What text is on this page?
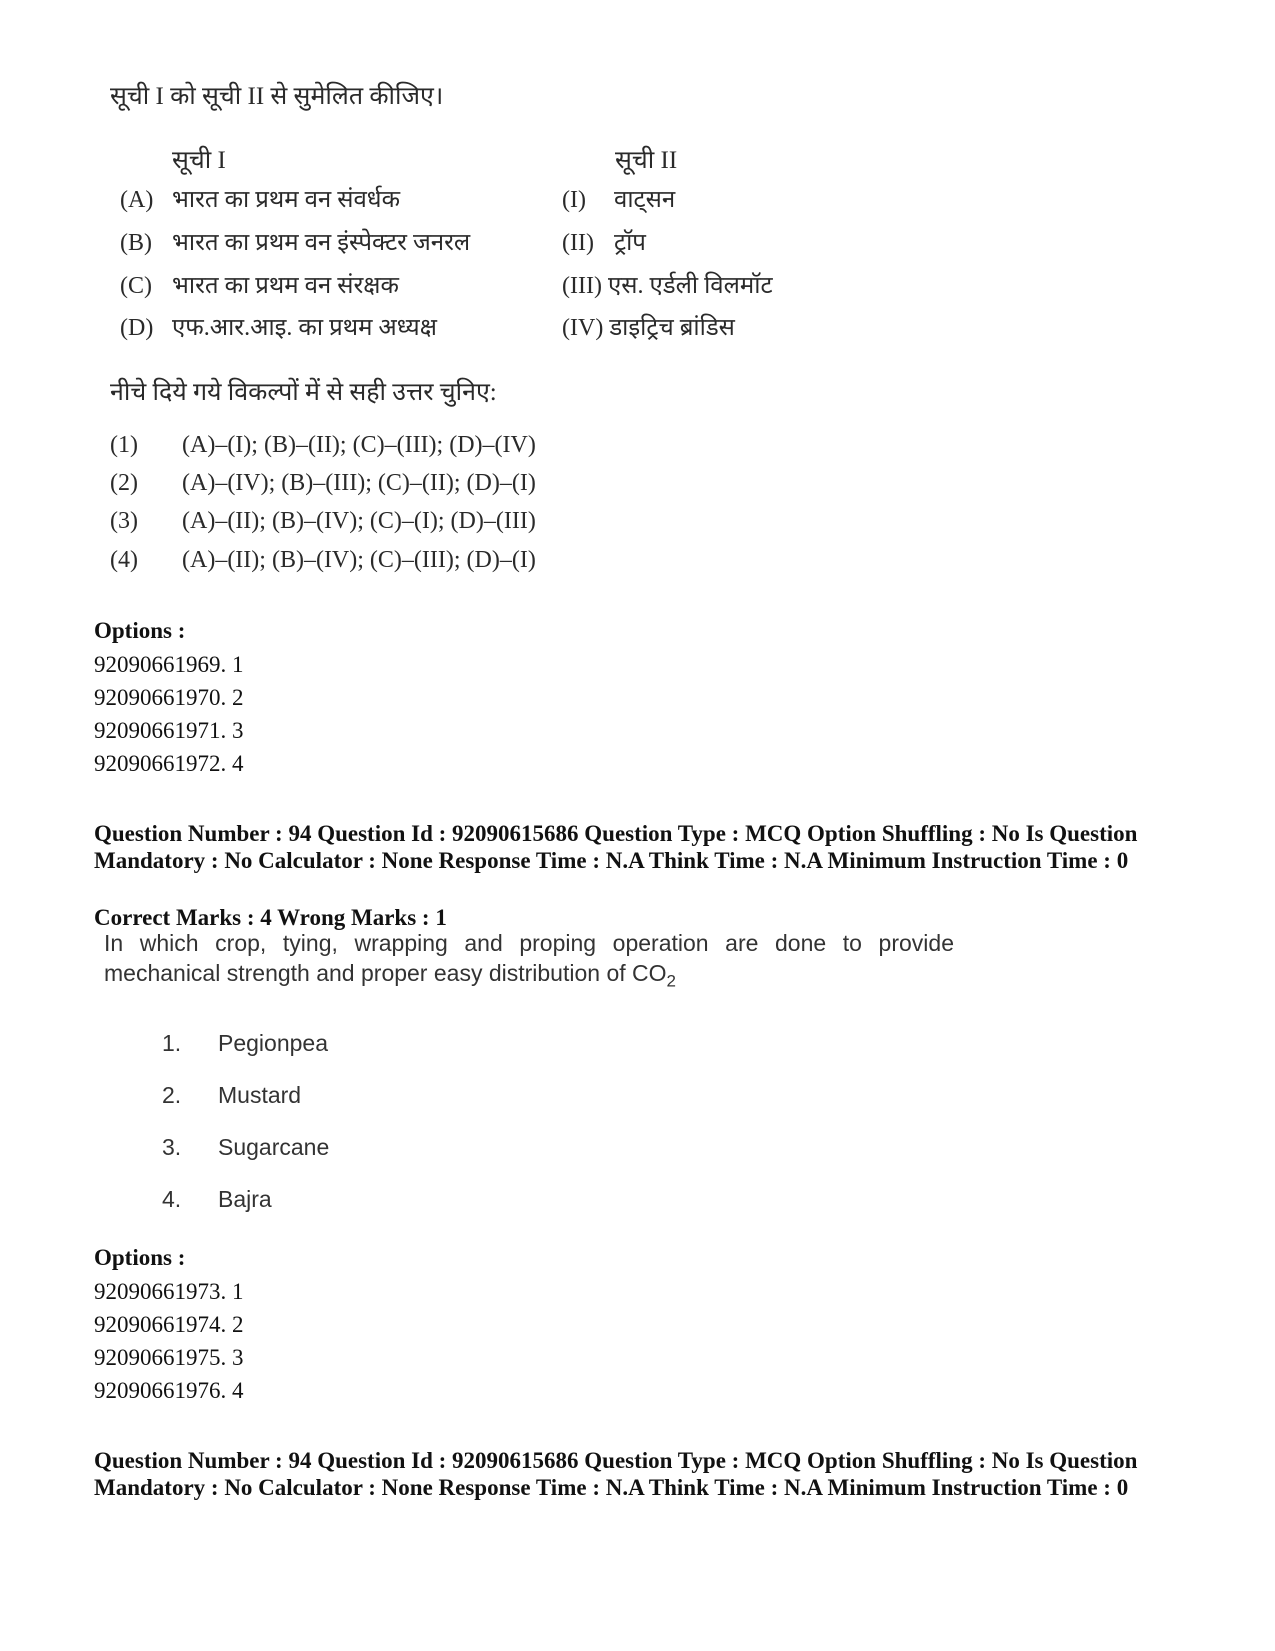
सूची I को सूची II से सुमेलित कीजिए।
सूची I	सूची II
(A) भारत का प्रथम वन संवर्धक
(B) भारत का प्रथम वन इंस्पेक्टर जनरल
(C) भारत का प्रथम वन संरक्षक
(D) एफ.आर.आइ. का प्रथम अध्यक्ष
(I) वाट्सन
(II) ट्रॉप
(III) एस. एर्डली विलमॉट
(IV) डाइट्रिच ब्रांडिस
नीचे दिये गये विकल्पों में से सही उत्तर चुनिए:
(1) (A)–(I); (B)–(II); (C)–(III); (D)–(IV)
(2) (A)–(IV); (B)–(III); (C)–(II); (D)–(I)
(3) (A)–(II); (B)–(IV); (C)–(I); (D)–(III)
(4) (A)–(II); (B)–(IV); (C)–(III); (D)–(I)
Options :
92090661969. 1
92090661970. 2
92090661971. 3
92090661972. 4
Question Number : 94 Question Id : 92090615686 Question Type : MCQ Option Shuffling : No Is Question Mandatory : No Calculator : None Response Time : N.A Think Time : N.A Minimum Instruction Time : 0
Correct Marks : 4 Wrong Marks : 1
In which crop, tying, wrapping and proping operation are done to provide
mechanical strength and proper easy distribution of $CO_2$
1. Pegionpea
2. Mustard
3. Sugarcane
4. Bajra
Options :
92090661973. 1
92090661974. 2
92090661975. 3
92090661976. 4
Question Number : 94 Question Id : 92090615686 Question Type : MCQ Option Shuffling : No Is Question Mandatory : No Calculator : None Response Time : N.A Think Time : N.A Minimum Instruction Time : 0
